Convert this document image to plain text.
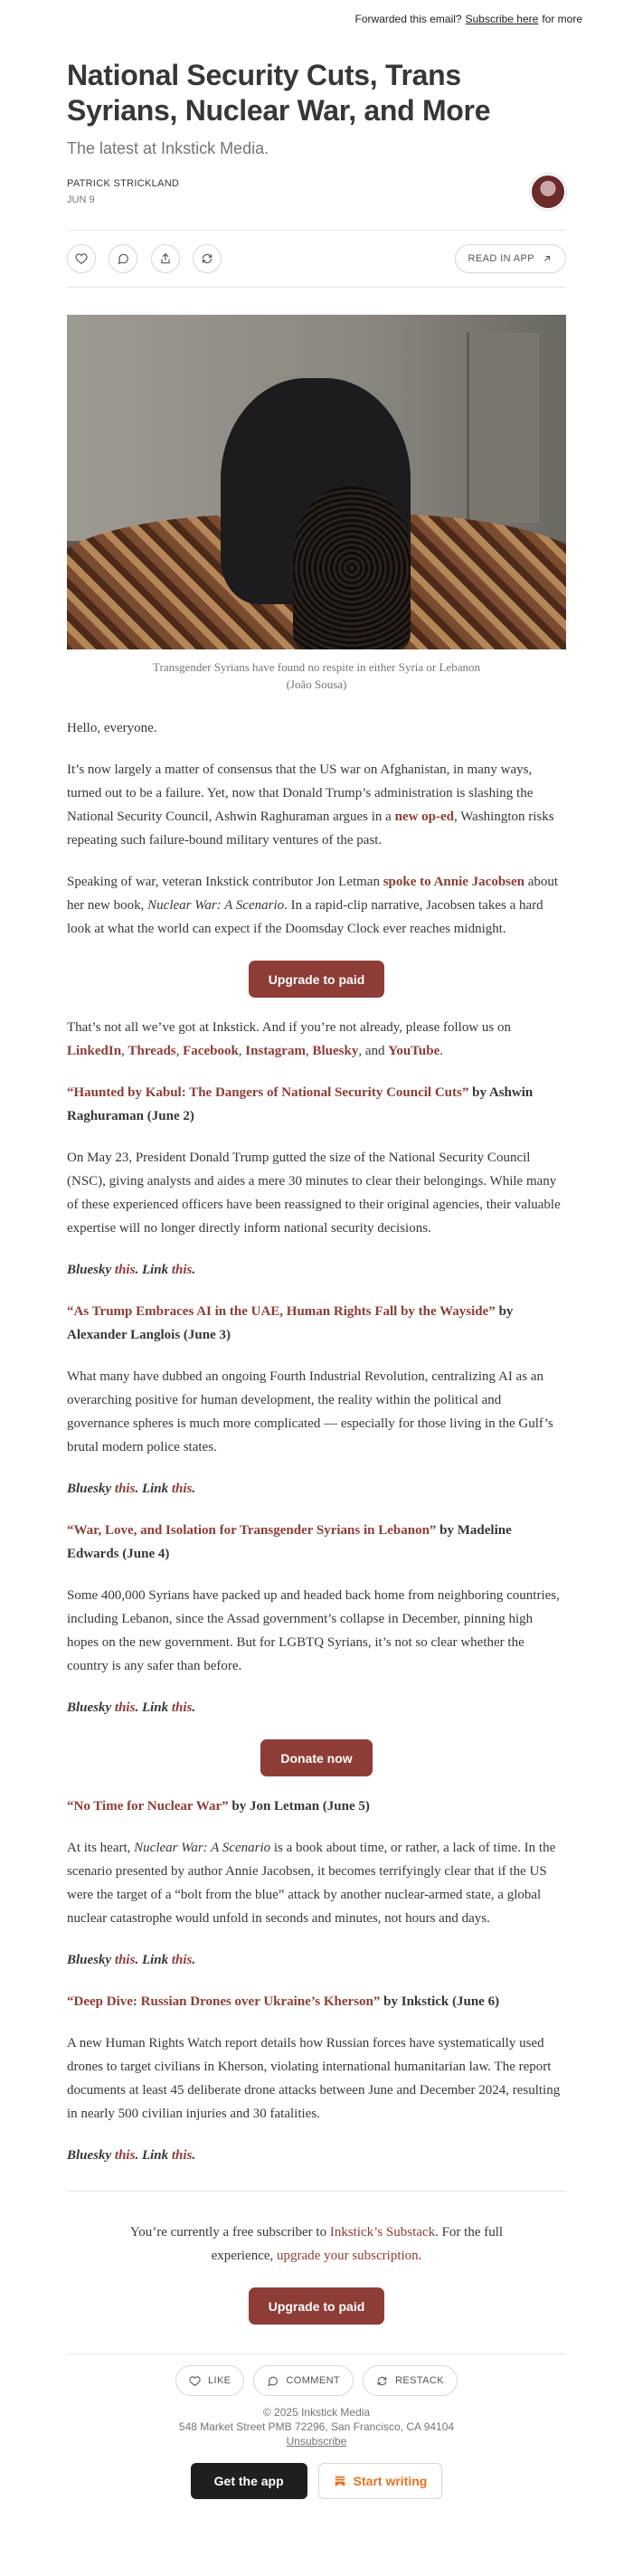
Forwarded this email? Subscribe here for more
National Security Cuts, Trans Syrians, Nuclear War, and More
The latest at Inkstick Media.
PATRICK STRICKLAND
JUN 9

READ IN APP
Transgender Syrians have found no respite in either Syria or Lebanon
(João Sousa)

Hello, everyone.

It’s now largely a matter of consensus that the US war on Afghanistan, in many ways, turned out to be a failure. Yet, now that Donald Trump’s administration is slashing the National Security Council, Ashwin Raghuraman argues in a new op-ed, Washington risks repeating such failure-bound military ventures of the past.

Speaking of war, veteran Inkstick contributor Jon Letman spoke to Annie Jacobsen about her new book, Nuclear War: A Scenario. In a rapid-clip narrative, Jacobsen takes a hard look at what the world can expect if the Doomsday Clock ever reaches midnight.

Upgrade to paid

That’s not all we’ve got at Inkstick. And if you’re not already, please follow us on LinkedIn, Threads, Facebook, Instagram, Bluesky, and YouTube.

“Haunted by Kabul: The Dangers of National Security Council Cuts” by Ashwin Raghuraman (June 2)

On May 23, President Donald Trump gutted the size of the National Security Council (NSC), giving analysts and aides a mere 30 minutes to clear their belongings. While many of these experienced officers have been reassigned to their original agencies, their valuable expertise will no longer directly inform national security decisions.

Bluesky this. Link this.

“As Trump Embraces AI in the UAE, Human Rights Fall by the Wayside” by Alexander Langlois (June 3)

What many have dubbed an ongoing Fourth Industrial Revolution, centralizing AI as an overarching positive for human development, the reality within the political and governance spheres is much more complicated — especially for those living in the Gulf’s brutal modern police states.

Bluesky this. Link this.

“War, Love, and Isolation for Transgender Syrians in Lebanon” by Madeline Edwards (June 4)

Some 400,000 Syrians have packed up and headed back home from neighboring countries, including Lebanon, since the Assad government’s collapse in December, pinning high hopes on the new government. But for LGBTQ Syrians, it’s not so clear whether the country is any safer than before.

Bluesky this. Link this.

Donate now

“No Time for Nuclear War” by Jon Letman (June 5)

At its heart, Nuclear War: A Scenario is a book about time, or rather, a lack of time. In the scenario presented by author Annie Jacobsen, it becomes terrifyingly clear that if the US were the target of a “bolt from the blue” attack by another nuclear-armed state, a global nuclear catastrophe would unfold in seconds and minutes, not hours and days.

Bluesky this. Link this.

“Deep Dive: Russian Drones over Ukraine’s Kherson” by Inkstick (June 6)

A new Human Rights Watch report details how Russian forces have systematically used drones to target civilians in Kherson, violating international humanitarian law. The report documents at least 45 deliberate drone attacks between June and December 2024, resulting in nearly 500 civilian injuries and 30 fatalities.

Bluesky this. Link this.

You’re currently a free subscriber to Inkstick’s Substack. For the full experience, upgrade your subscription.
Upgrade to paid
LIKE	COMMENT	RESTACK
© 2025 Inkstick Media
548 Market Street PMB 72296, San Francisco, CA 94104
Unsubscribe
Get the app	Start writing
